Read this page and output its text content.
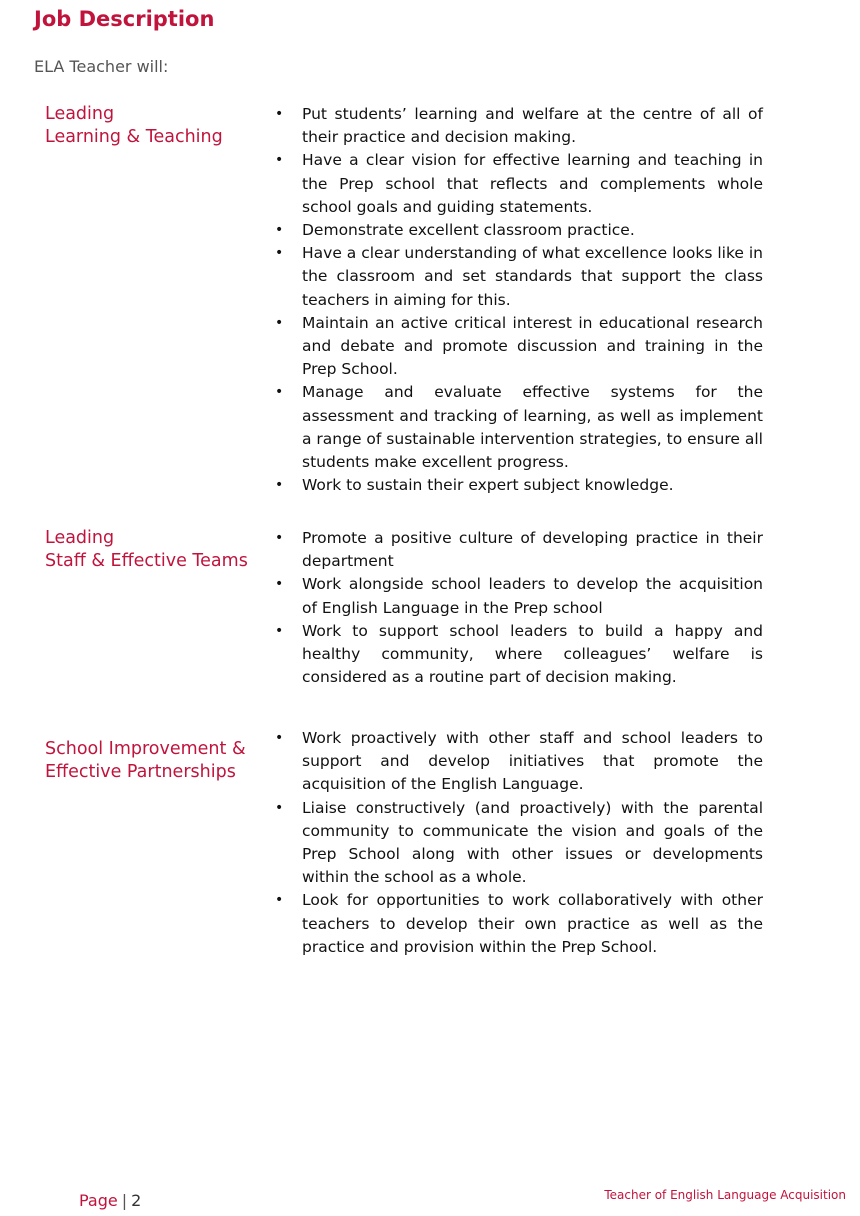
Job Description
ELA Teacher will:
Leading
Learning & Teaching
• Put students’ learning and welfare at the centre of all of their practice and decision making.
• Have a clear vision for effective learning and teaching in the Prep school that reflects and complements whole school goals and guiding statements.
• Demonstrate excellent classroom practice.
• Have a clear understanding of what excellence looks like in the classroom and set standards that support the class teachers in aiming for this.
• Maintain an active critical interest in educational research and debate and promote discussion and training in the Prep School.
• Manage and evaluate effective systems for the assessment and tracking of learning, as well as implement a range of sustainable intervention strategies, to ensure all students make excellent progress.
• Work to sustain their expert subject knowledge.
Leading
Staff & Effective Teams
• Promote a positive culture of developing practice in their department
• Work alongside school leaders to develop the acquisition of English Language in the Prep school
• Work to support school leaders to build a happy and healthy community, where colleagues’ welfare is considered as a routine part of decision making.
School Improvement &
Effective Partnerships
• Work proactively with other staff and school leaders to support and develop initiatives that promote the acquisition of the English Language.
• Liaise constructively (and proactively) with the parental community to communicate the vision and goals of the Prep School along with other issues or developments within the school as a whole.
• Look for opportunities to work collaboratively with other teachers to develop their own practice as well as the practice and provision within the Prep School.
Page | 2	Teacher of English Language Acquisition
